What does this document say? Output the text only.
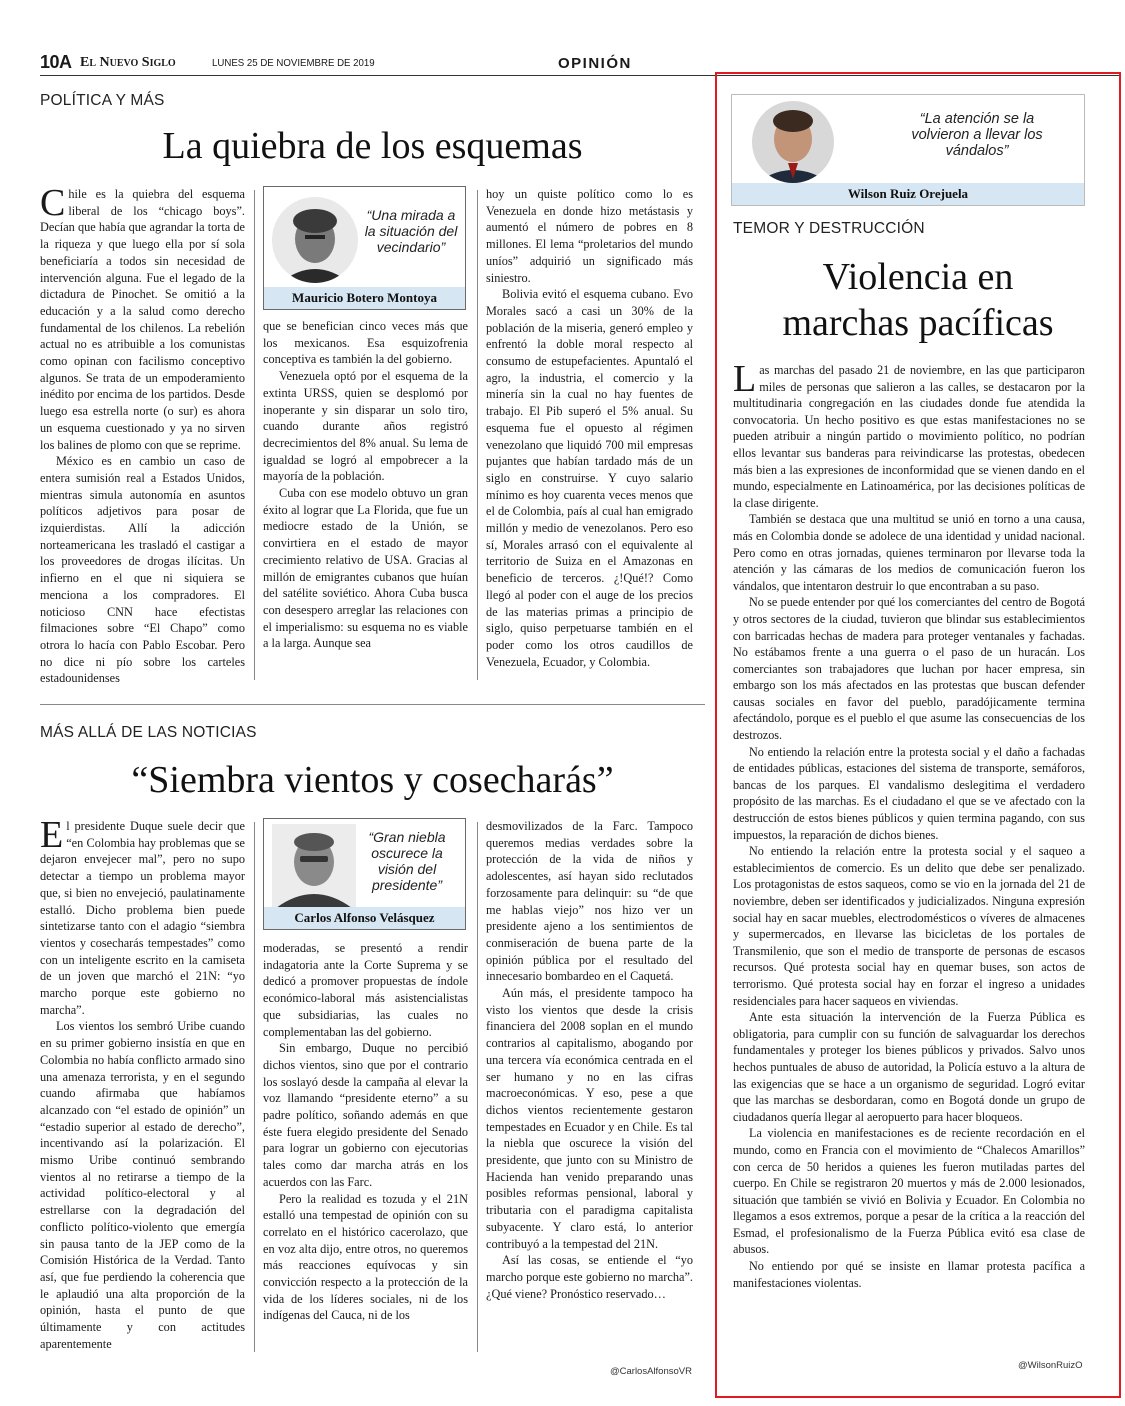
10A El Nuevo Siglo	LUNES 25 DE NOVIEMBRE DE 2019	OPINIÓN
POLÍTICA Y MÁS
La quiebra de los esquemas

Chile es la quiebra del esquema liberal de los “chicago boys”. Decían que había que agrandar la torta de la riqueza y que luego ella por sí sola beneficiaría a todos sin necesidad de intervención alguna. Fue el legado de la dictadura de Pinochet. Se omitió a la educación y a la salud como derecho fundamental de los chilenos. La rebelión actual no es atribuible a los comunistas como opinan con facilismo conceptivo algunos. Se trata de un empoderamiento inédito por encima de los partidos. Desde luego esa estrella norte (o sur) es ahora un esquema cuestionado y ya no sirven los balines de plomo con que se reprime.

México es en cambio un caso de entera sumisión real a Estados Unidos, mientras simula autonomía en asuntos políticos adjetivos para posar de izquierdistas. Allí la adicción norteamericana les trasladó el castigar a los proveedores de drogas ilícitas. Un infierno en el que ni siquiera se menciona a los compradores. El noticioso CNN hace efectistas filmaciones sobre “El Chapo” como otrora lo hacía con Pablo Escobar. Pero no dice ni pío sobre los carteles estadounidenses

“Una mirada a la situación del vecindario”
Mauricio Botero Montoya

que se benefician cinco veces más que los mexicanos. Esa esquizofrenia conceptiva es también la del gobierno.

Venezuela optó por el esquema de la extinta URSS, quien se desplomó por inoperante y sin disparar un solo tiro, cuando durante años registró decrecimientos del 8% anual. Su lema de igualdad se logró al empobrecer a la mayoría de la población.

Cuba con ese modelo obtuvo un gran éxito al lograr que La Florida, que fue un mediocre estado de la Unión, se convirtiera en el estado de mayor crecimiento relativo de USA. Gracias al millón de emigrantes cubanos que huían del satélite soviético. Ahora Cuba busca con desespero arreglar las relaciones con el imperialismo: su esquema no es viable a la larga. Aunque sea

hoy un quiste político como lo es Venezuela en donde hizo metástasis y aumentó el número de pobres en 8 millones. El lema “proletarios del mundo uníos” adquirió un significado más siniestro.

Bolivia evitó el esquema cubano. Evo Morales sacó a casi un 30% de la población de la miseria, generó empleo y enfrentó la doble moral respecto al consumo de estupefacientes. Apuntaló el agro, la industria, el comercio y la minería sin la cual no hay fuentes de trabajo. El Pib superó el 5% anual. Su esquema fue el opuesto al régimen venezolano que liquidó 700 mil empresas pujantes que habían tardado más de un siglo en construirse. Y cuyo salario mínimo es hoy cuarenta veces menos que el de Colombia, país al cual han emigrado millón y medio de venezolanos. Pero eso sí, Morales arrasó con el equivalente al territorio de Suiza en el Amazonas en beneficio de terceros. ¿!Qué!? Como llegó al poder con el auge de los precios de las materias primas a principio de siglo, quiso perpetuarse también en el poder como los otros caudillos de Venezuela, Ecuador, y Colombia.

MÁS ALLÁ DE LAS NOTICIAS
“Siembra vientos y cosecharás”

El presidente Duque suele decir que “en Colombia hay problemas que se dejaron envejecer mal”, pero no supo detectar a tiempo un problema mayor que, si bien no envejeció, paulatinamente estalló. Dicho problema bien puede sintetizarse tanto con el adagio “siembra vientos y cosecharás tempestades” como con un inteligente escrito en la camiseta de un joven que marchó el 21N: “yo marcho porque este gobierno no marcha”.

Los vientos los sembró Uribe cuando en su primer gobierno insistía en que en Colombia no había conflicto armado sino una amenaza terrorista, y en el segundo cuando afirmaba que habíamos alcanzado con “el estado de opinión” un “estadio superior al estado de derecho”, incentivando así la polarización. El mismo Uribe continuó sembrando vientos al no retirarse a tiempo de la actividad político-electoral y al estrellarse con la degradación del conflicto político-violento que emergía sin pausa tanto de la JEP como de la Comisión Histórica de la Verdad. Tanto así, que fue perdiendo la coherencia que le aplaudió una alta proporción de la opinión, hasta el punto de que últimamente y con actitudes aparentemente

“Gran niebla oscurece la visión del presidente”
Carlos Alfonso Velásquez

moderadas, se presentó a rendir indagatoria ante la Corte Suprema y se dedicó a promover propuestas de índole económico-laboral más asistencialistas que subsidiarias, las cuales no complementaban las del gobierno.

Sin embargo, Duque no percibió dichos vientos, sino que por el contrario los soslayó desde la campaña al elevar la voz llamando “presidente eterno” a su padre político, soñando además en que éste fuera elegido presidente del Senado para lograr un gobierno con ejecutorias tales como dar marcha atrás en los acuerdos con las Farc.

Pero la realidad es tozuda y el 21N estalló una tempestad de opinión con su correlato en el histórico cacerolazo, que en voz alta dijo, entre otros, no queremos más reacciones equívocas y sin convicción respecto a la protección de la vida de los líderes sociales, ni de los indígenas del Cauca, ni de los

desmovilizados de la Farc. Tampoco queremos medias verdades sobre la protección de la vida de niños y adolescentes, así hayan sido reclutados forzosamente para delinquir: su “de que me hablas viejo” nos hizo ver un presidente ajeno a los sentimientos de conmiseración de buena parte de la opinión pública por el resultado del innecesario bombardeo en el Caquetá.

Aún más, el presidente tampoco ha visto los vientos que desde la crisis financiera del 2008 soplan en el mundo contrarios al capitalismo, abogando por una tercera vía económica centrada en el ser humano y no en las cifras macroeconómicas. Y eso, pese a que dichos vientos recientemente gestaron tempestades en Ecuador y en Chile. Es tal la niebla que oscurece la visión del presidente, que junto con su Ministro de Hacienda han venido preparando unas posibles reformas pensional, laboral y tributaria con el paradigma capitalista subyacente. Y claro está, lo anterior contribuyó a la tempestad del 21N.

Así las cosas, se entiende el “yo marcho porque este gobierno no marcha”. ¿Qué viene? Pronóstico reservado…

@CarlosAlfonsoVR
“La atención se la volvieron a llevar los vándalos”
Wilson Ruiz Orejuela
TEMOR Y DESTRUCCIÓN
Violencia en
marchas pacíficas

Las marchas del pasado 21 de noviembre, en las que participaron miles de personas que salieron a las calles, se destacaron por la multitudinaria congregación en las ciudades donde fue atendida la convocatoria. Un hecho positivo es que estas manifestaciones no se pueden atribuir a ningún partido o movimiento político, no podrían ellos levantar sus banderas para reivindicarse las protestas, obedecen más bien a las expresiones de inconformidad que se vienen dando en el mundo, especialmente en Latinoamérica, por las decisiones políticas de la clase dirigente.

También se destaca que una multitud se unió en torno a una causa, más en Colombia donde se adolece de una identidad y unidad nacional. Pero como en otras jornadas, quienes terminaron por llevarse toda la atención y las cámaras de los medios de comunicación fueron los vándalos, que intentaron destruir lo que encontraban a su paso.

No se puede entender por qué los comerciantes del centro de Bogotá y otros sectores de la ciudad, tuvieron que blindar sus establecimientos con barricadas hechas de madera para proteger ventanales y fachadas. No estábamos frente a una guerra o el paso de un huracán. Los comerciantes son trabajadores que luchan por hacer empresa, sin embargo son los más afectados en las protestas que buscan defender causas sociales en favor del pueblo, paradójicamente termina afectándolo, porque es el pueblo el que asume las consecuencias de los destrozos.

No entiendo la relación entre la protesta social y el daño a fachadas de entidades públicas, estaciones del sistema de transporte, semáforos, bancas de los parques. El vandalismo deslegitima el verdadero propósito de las marchas. Es el ciudadano el que se ve afectado con la destrucción de estos bienes públicos y quien termina pagando, con sus impuestos, la reparación de dichos bienes.

No entiendo la relación entre la protesta social y el saqueo a establecimientos de comercio. Es un delito que debe ser penalizado. Los protagonistas de estos saqueos, como se vio en la jornada del 21 de noviembre, deben ser identificados y judicializados. Ninguna expresión social hay en sacar muebles, electrodomésticos o víveres de almacenes y supermercados, en llevarse las bicicletas de los portales de Transmilenio, que son el medio de transporte de personas de escasos recursos. Qué protesta social hay en quemar buses, son actos de terrorismo. Qué protesta social hay en forzar el ingreso a unidades residenciales para hacer saqueos en viviendas.

Ante esta situación la intervención de la Fuerza Pública es obligatoria, para cumplir con su función de salvaguardar los derechos fundamentales y proteger los bienes públicos y privados. Salvo unos hechos puntuales de abuso de autoridad, la Policía estuvo a la altura de las exigencias que se hace a un organismo de seguridad. Logró evitar que las marchas se desbordaran, como en Bogotá donde un grupo de ciudadanos quería llegar al aeropuerto para hacer bloqueos.

La violencia en manifestaciones es de reciente recordación en el mundo, como en Francia con el movimiento de “Chalecos Amarillos” con cerca de 50 heridos a quienes les fueron mutiladas partes del cuerpo. En Chile se registraron 20 muertos y más de 2.000 lesionados, situación que también se vivió en Bolivia y Ecuador. En Colombia no llegamos a esos extremos, porque a pesar de la crítica a la reacción del Esmad, el profesionalismo de la Fuerza Pública evitó esa clase de abusos.

No entiendo por qué se insiste en llamar protesta pacífica a manifestaciones violentas.

@WilsonRuizO
